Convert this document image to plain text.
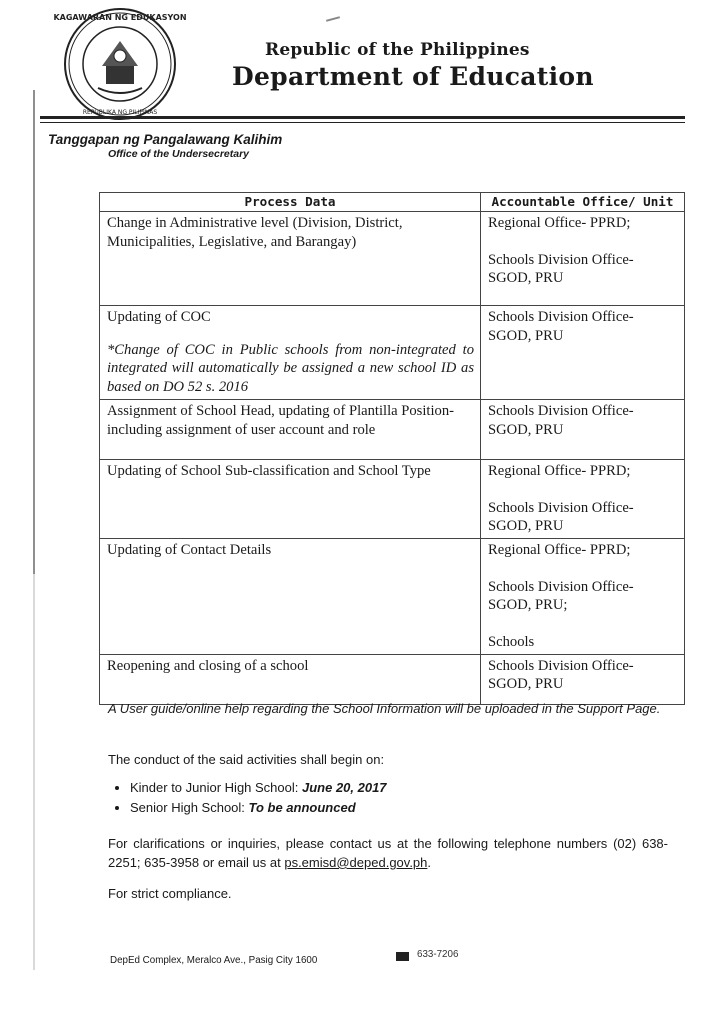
KAGAWARAN NG EDUKASYON
REPUBLIKA NG PILIPINAS
Republic of the Philippines
Department of Education
Tanggapan ng Pangalawang Kalihim
Office of the Undersecretary
Process Data	Accountable Office/ Unit
Change in Administrative level (Division, District, Municipalities, Legislative, and Barangay)	Regional Office- PPRD;

Schools Division Office- SGOD, PRU

Updating of COC
*Change of COC in Public schools from non-integrated to integrated will automatically be assigned a new school ID as based on DO 52 s. 2016	Schools Division Office- SGOD, PRU

Assignment of School Head, updating of Plantilla Position- including assignment of user account and role	Schools Division Office- SGOD, PRU

Updating of School Sub-classification and School Type	Regional Office- PPRD;

Schools Division Office- SGOD, PRU

Updating of Contact Details	Regional Office- PPRD;

Schools Division Office- SGOD, PRU;

Schools

Reopening and closing of a school	Schools Division Office- SGOD, PRU

A User guide/online help regarding the School Information will be uploaded in the Support Page.
The conduct of the said activities shall begin on:
• Kinder to Junior High School: June 20, 2017
• Senior High School: To be announced
For clarifications or inquiries, please contact us at the following telephone numbers (02) 638-2251; 635-3958 or email us at ps.emisd@deped.gov.ph.
For strict compliance.
DepEd Complex, Meralco Ave., Pasig City 1600
633-7206
